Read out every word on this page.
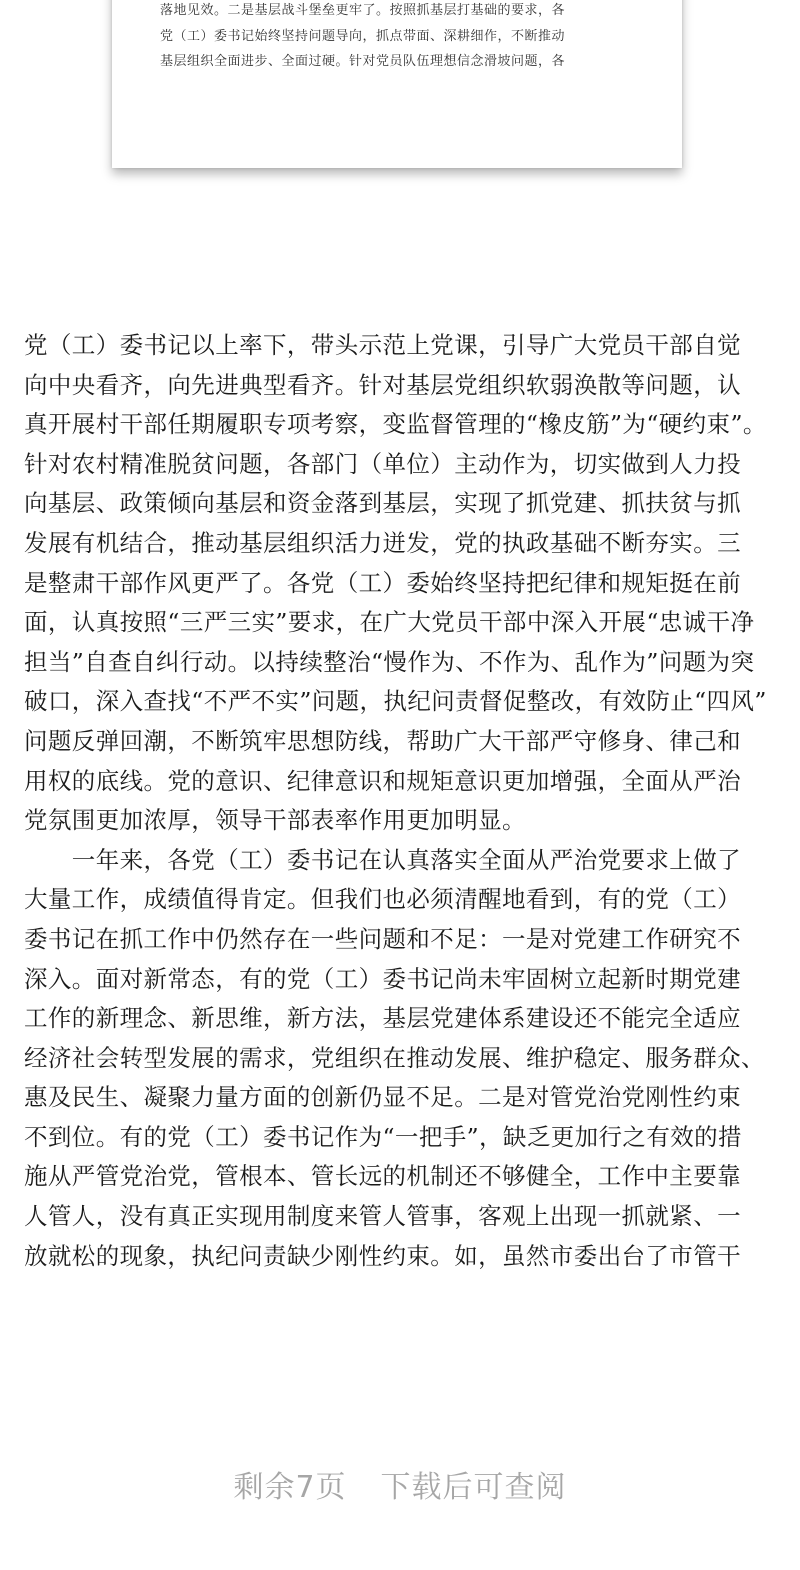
落地见效。二是基层战斗堡垒更牢了。按照抓基层打基础的要求，各
党（工）委书记始终坚持问题导向，抓点带面、深耕细作，不断推动
基层组织全面进步、全面过硬。针对党员队伍理想信念滑坡问题，各
党（工）委书记以上率下，带头示范上党课，引导广大党员干部自觉
向中央看齐，向先进典型看齐。针对基层党组织软弱涣散等问题，认
真开展村干部任期履职专项考察，变监督管理的“橡皮筋”为“硬约束”。
针对农村精准脱贫问题，各部门（单位）主动作为，切实做到人力投
向基层、政策倾向基层和资金落到基层，实现了抓党建、抓扶贫与抓
发展有机结合，推动基层组织活力迸发，党的执政基础不断夯实。三
是整肃干部作风更严了。各党（工）委始终坚持把纪律和规矩挺在前
面，认真按照“三严三实”要求，在广大党员干部中深入开展“忠诚干净
担当”自查自纠行动。以持续整治“慢作为、不作为、乱作为”问题为突
破口，深入查找“不严不实”问题，执纪问责督促整改，有效防止“四风”
问题反弹回潮，不断筑牢思想防线，帮助广大干部严守修身、律己和
用权的底线。党的意识、纪律意识和规矩意识更加增强，全面从严治
党氛围更加浓厚，领导干部表率作用更加明显。
　　一年来，各党（工）委书记在认真落实全面从严治党要求上做了
大量工作，成绩值得肯定。但我们也必须清醒地看到，有的党（工）
委书记在抓工作中仍然存在一些问题和不足：一是对党建工作研究不
深入。面对新常态，有的党（工）委书记尚未牢固树立起新时期党建
工作的新理念、新思维，新方法，基层党建体系建设还不能完全适应
经济社会转型发展的需求，党组织在推动发展、维护稳定、服务群众、
惠及民生、凝聚力量方面的创新仍显不足。二是对管党治党刚性约束
不到位。有的党（工）委书记作为“一把手”，缺乏更加行之有效的措
施从严管党治党，管根本、管长远的机制还不够健全，工作中主要靠
人管人，没有真正实现用制度来管人管事，客观上出现一抓就紧、一
放就松的现象，执纪问责缺少刚性约束。如，虽然市委出台了市管干
剩余7页 下载后可查阅
